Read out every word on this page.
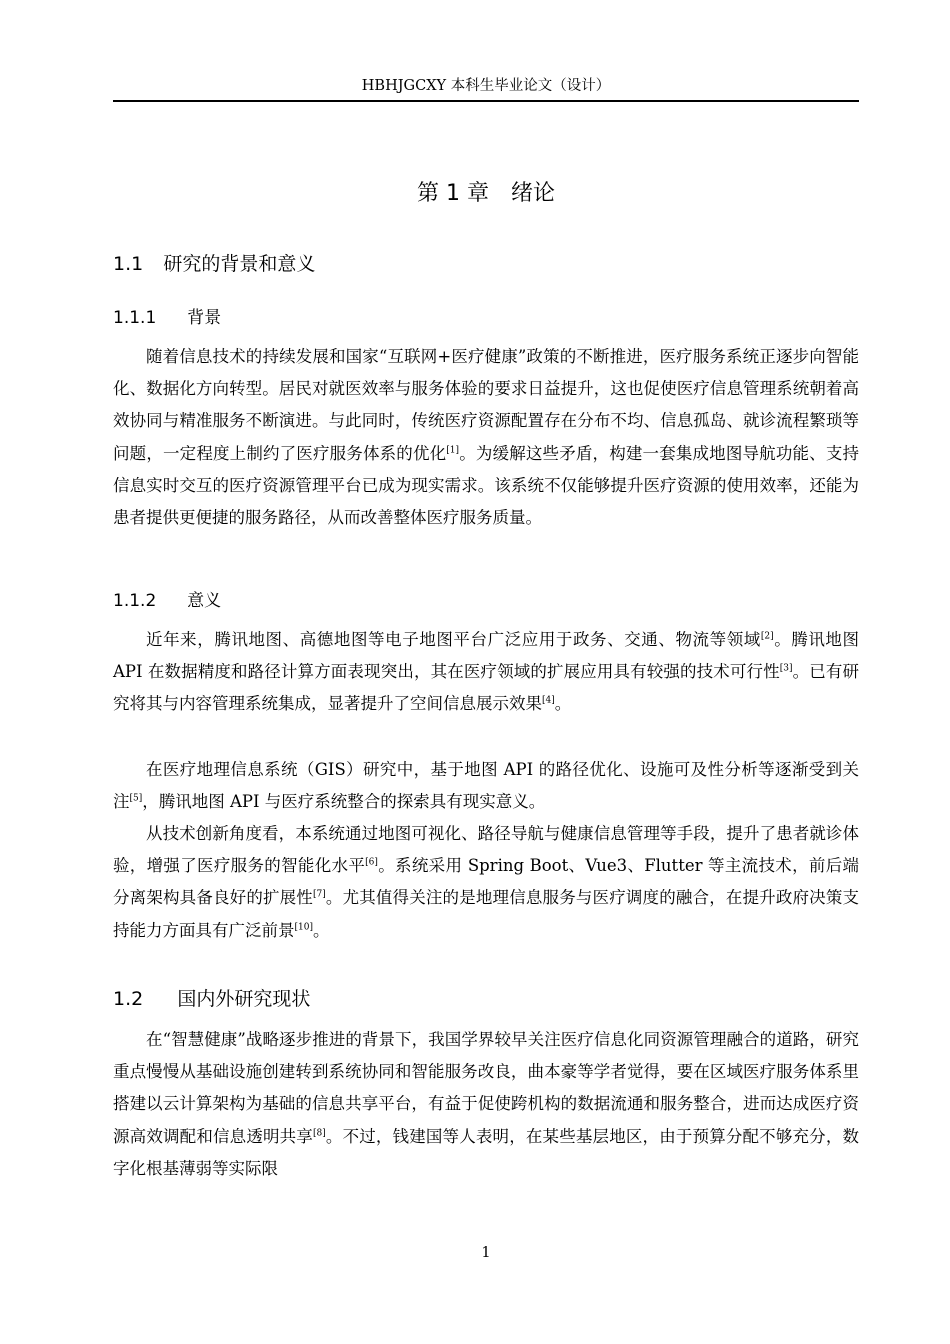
HBHJGCXY 本科生毕业论文（设计）
第 1 章　绪论
1.1 研究的背景和意义
1.1.1 背景

随着信息技术的持续发展和国家“互联网+医疗健康”政策的不断推进，医疗服务系统正逐步向智能化、数据化方向转型。居民对就医效率与服务体验的要求日益提升，这也促使医疗信息管理系统朝着高效协同与精准服务不断演进。与此同时，传统医疗资源配置存在分布不均、信息孤岛、就诊流程繁琐等问题，一定程度上制约了医疗服务体系的优化[1]。为缓解这些矛盾，构建一套集成地图导航功能、支持信息实时交互的医疗资源管理平台已成为现实需求。该系统不仅能够提升医疗资源的使用效率，还能为患者提供更便捷的服务路径，从而改善整体医疗服务质量。

1.1.2 意义

近年来，腾讯地图、高德地图等电子地图平台广泛应用于政务、交通、物流等领域[2]。腾讯地图 API 在数据精度和路径计算方面表现突出，其在医疗领域的扩展应用具有较强的技术可行性[3]。已有研究将其与内容管理系统集成，显著提升了空间信息展示效果[4]。

在医疗地理信息系统（GIS）研究中，基于地图 API 的路径优化、设施可及性分析等逐渐受到关注[5]，腾讯地图 API 与医疗系统整合的探索具有现实意义。

从技术创新角度看，本系统通过地图可视化、路径导航与健康信息管理等手段，提升了患者就诊体验，增强了医疗服务的智能化水平[6]。系统采用 Spring Boot、Vue3、Flutter 等主流技术，前后端分离架构具备良好的扩展性[7]。尤其值得关注的是地理信息服务与医疗调度的融合，在提升政府决策支持能力方面具有广泛前景[10]。

1.2 国内外研究现状

在“智慧健康”战略逐步推进的背景下，我国学界较早关注医疗信息化同资源管理融合的道路，研究重点慢慢从基础设施创建转到系统协同和智能服务改良，曲本豪等学者觉得，要在区域医疗服务体系里搭建以云计算架构为基础的信息共享平台，有益于促使跨机构的数据流通和服务整合，进而达成医疗资源高效调配和信息透明共享[8]。不过，钱建国等人表明，在某些基层地区，由于预算分配不够充分，数字化根基薄弱等实际限

1
